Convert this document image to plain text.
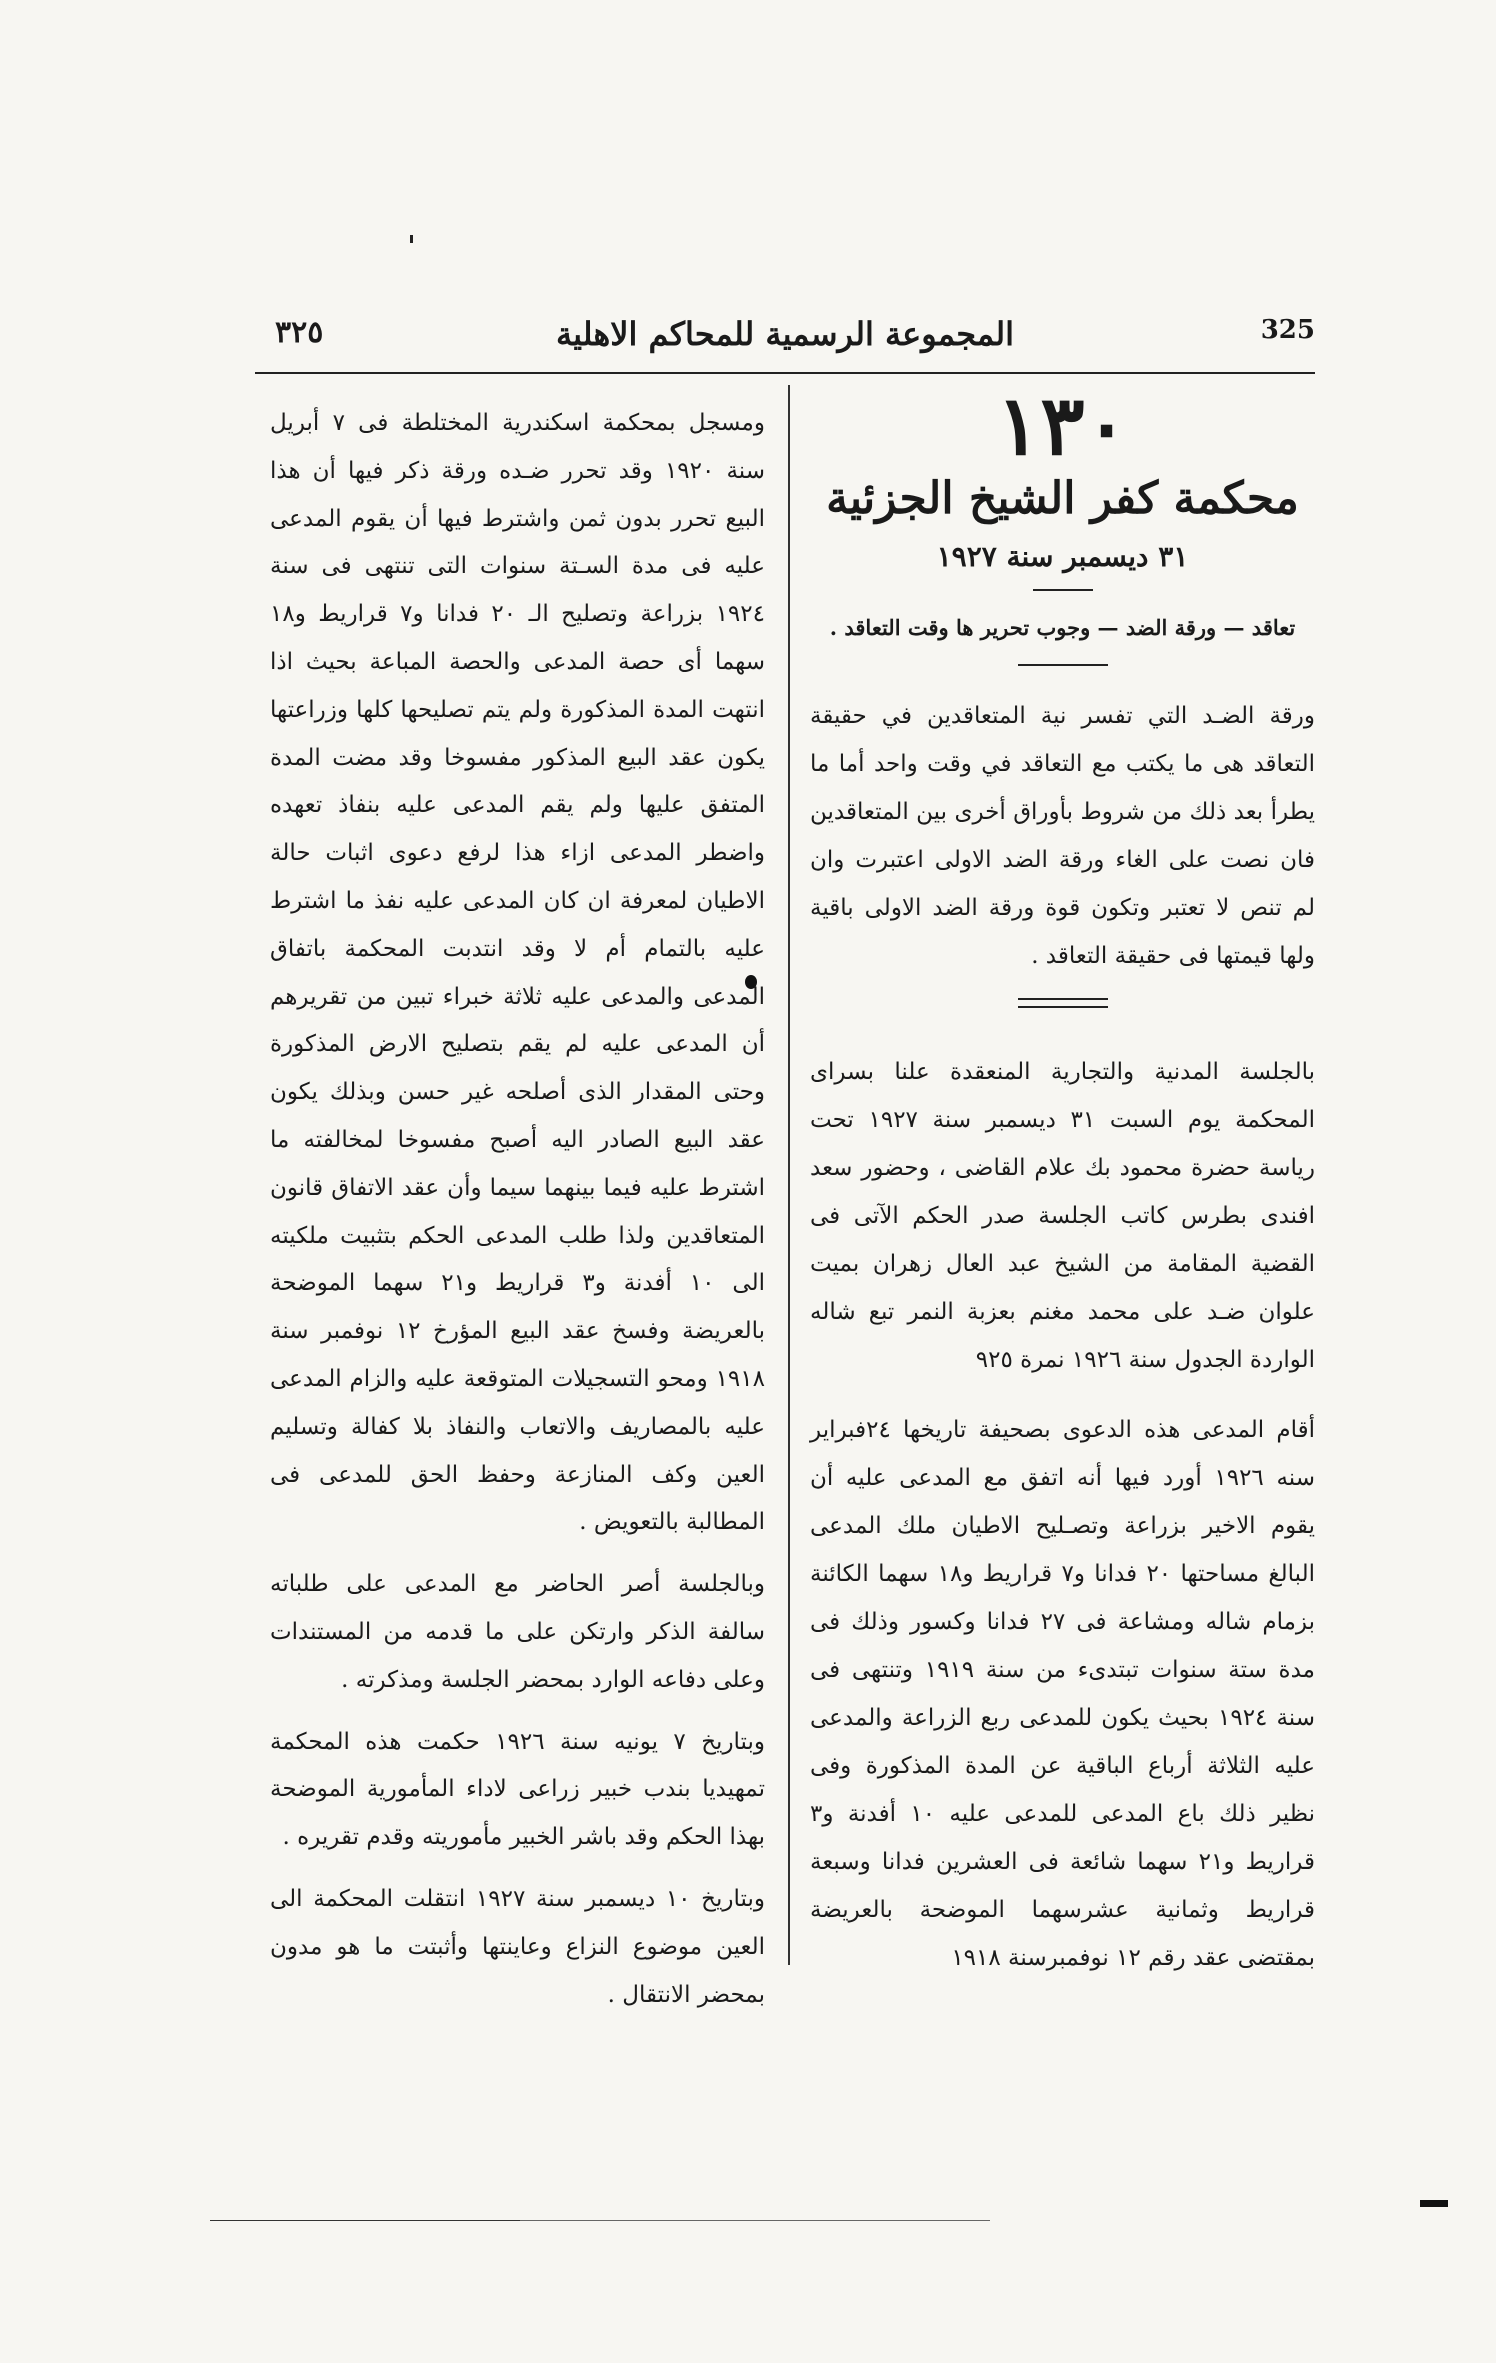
325
المجموعة الرسمية للمحاكم الاهلية
٣٢٥
١٣٠
محكمة كفر الشيخ الجزئية
٣١ ديسمبر سنة ١٩٢٧
تعاقد — ورقة الضد — وجوب تحرير ها وقت التعاقد .

ورقة الضـد التي تفسر نية المتعاقدين في حقيقة التعاقد هى ما يكتب مع التعاقد في وقت واحد أما ما يطرأ بعد ذلك من شروط بأوراق أخرى بين المتعاقدين فان نصت على الغاء ورقة الضد الاولى اعتبرت وان لم تنص لا تعتبر وتكون قوة ورقة الضد الاولى باقية ولها قيمتها فى حقيقة التعاقد .

بالجلسة المدنية والتجارية المنعقدة علنا بسراى المحكمة يوم السبت ٣١ ديسمبر سنة ١٩٢٧ تحت رياسة حضرة محمود بك علام القاضى ، وحضور سعد افندى بطرس كاتب الجلسة صدر الحكم الآتى فى القضية المقامة من الشيخ عبد العال زهران بميت علوان ضـد على محمد مغنم بعزبة النمر تبع شاله الواردة الجدول سنة ١٩٢٦ نمرة ٩٢٥

أقام المدعى هذه الدعوى بصحيفة تاريخها ٢٤فبراير سنه ١٩٢٦ أورد فيها أنه اتفق مع المدعى عليه أن يقوم الاخير بزراعة وتصـليح الاطيان ملك المدعى البالغ مساحتها ٢٠ فدانا و٧ قراريط و١٨ سهما الكائنة بزمام شاله ومشاعة فى ٢٧ فدانا وكسور وذلك فى مدة ستة سنوات تبتدىء من سنة ١٩١٩ وتنتهى فى سنة ١٩٢٤ بحيث يكون للمدعى ربع الزراعة والمدعى عليه الثلاثة أرباع الباقية عن المدة المذكورة وفى نظير ذلك باع المدعى للمدعى عليه ١٠ أفدنة و٣ قراريط و٢١ سهما شائعة فى العشرين فدانا وسبعة قراريط وثمانية عشرسهما الموضحة بالعريضة بمقتضى عقد رقم ١٢ نوفمبرسنة ١٩١٨

ومسجل بمحكمة اسكندرية المختلطة فى ٧ أبريل سنة ١٩٢٠ وقد تحرر ضـده ورقة ذكر فيها أن هذا البيع تحرر بدون ثمن واشترط فيها أن يقوم المدعى عليه فى مدة السـتة سنوات التى تنتهى فى سنة ١٩٢٤ بزراعة وتصليح الـ ٢٠ فدانا و٧ قراريط و١٨ سهما أى حصة المدعى والحصة المباعة بحيث اذا انتهت المدة المذكورة ولم يتم تصليحها كلها وزراعتها يكون عقد البيع المذكور مفسوخا وقد مضت المدة المتفق عليها ولم يقم المدعى عليه بنفاذ تعهده واضطر المدعى ازاء هذا لرفع دعوى اثبات حالة الاطيان لمعرفة ان كان المدعى عليه نفذ ما اشترط عليه بالتمام أم لا وقد انتدبت المحكمة باتفاق المدعى والمدعى عليه ثلاثة خبراء تبين من تقريرهم أن المدعى عليه لم يقم بتصليح الارض المذكورة وحتى المقدار الذى أصلحه غير حسن وبذلك يكون عقد البيع الصادر اليه أصبح مفسوخا لمخالفته ما اشترط عليه فيما بينهما سيما وأن عقد الاتفاق قانون المتعاقدين ولذا طلب المدعى الحكم بتثبيت ملكيته الى ١٠ أفدنة و٣ قراريط و٢١ سهما الموضحة بالعريضة وفسخ عقد البيع المؤرخ ١٢ نوفمبر سنة ١٩١٨ ومحو التسجيلات المتوقعة عليه والزام المدعى عليه بالمصاريف والاتعاب والنفاذ بلا كفالة وتسليم العين وكف المنازعة وحفظ الحق للمدعى فى المطالبة بالتعويض .

وبالجلسة أصر الحاضر مع المدعى على طلباته سالفة الذكر وارتكن على ما قدمه من المستندات وعلى دفاعه الوارد بمحضر الجلسة ومذكرته .

وبتاريخ ٧ يونيه سنة ١٩٢٦ حكمت هذه المحكمة تمهيديا بندب خبير زراعى لاداء المأمورية الموضحة بهذا الحكم وقد باشر الخبير مأموريته وقدم تقريره .

وبتاريخ ١٠ ديسمبر سنة ١٩٢٧ انتقلت المحكمة الى العين موضوع النزاع وعاينتها وأثبتت ما هو مدون بمحضر الانتقال .
